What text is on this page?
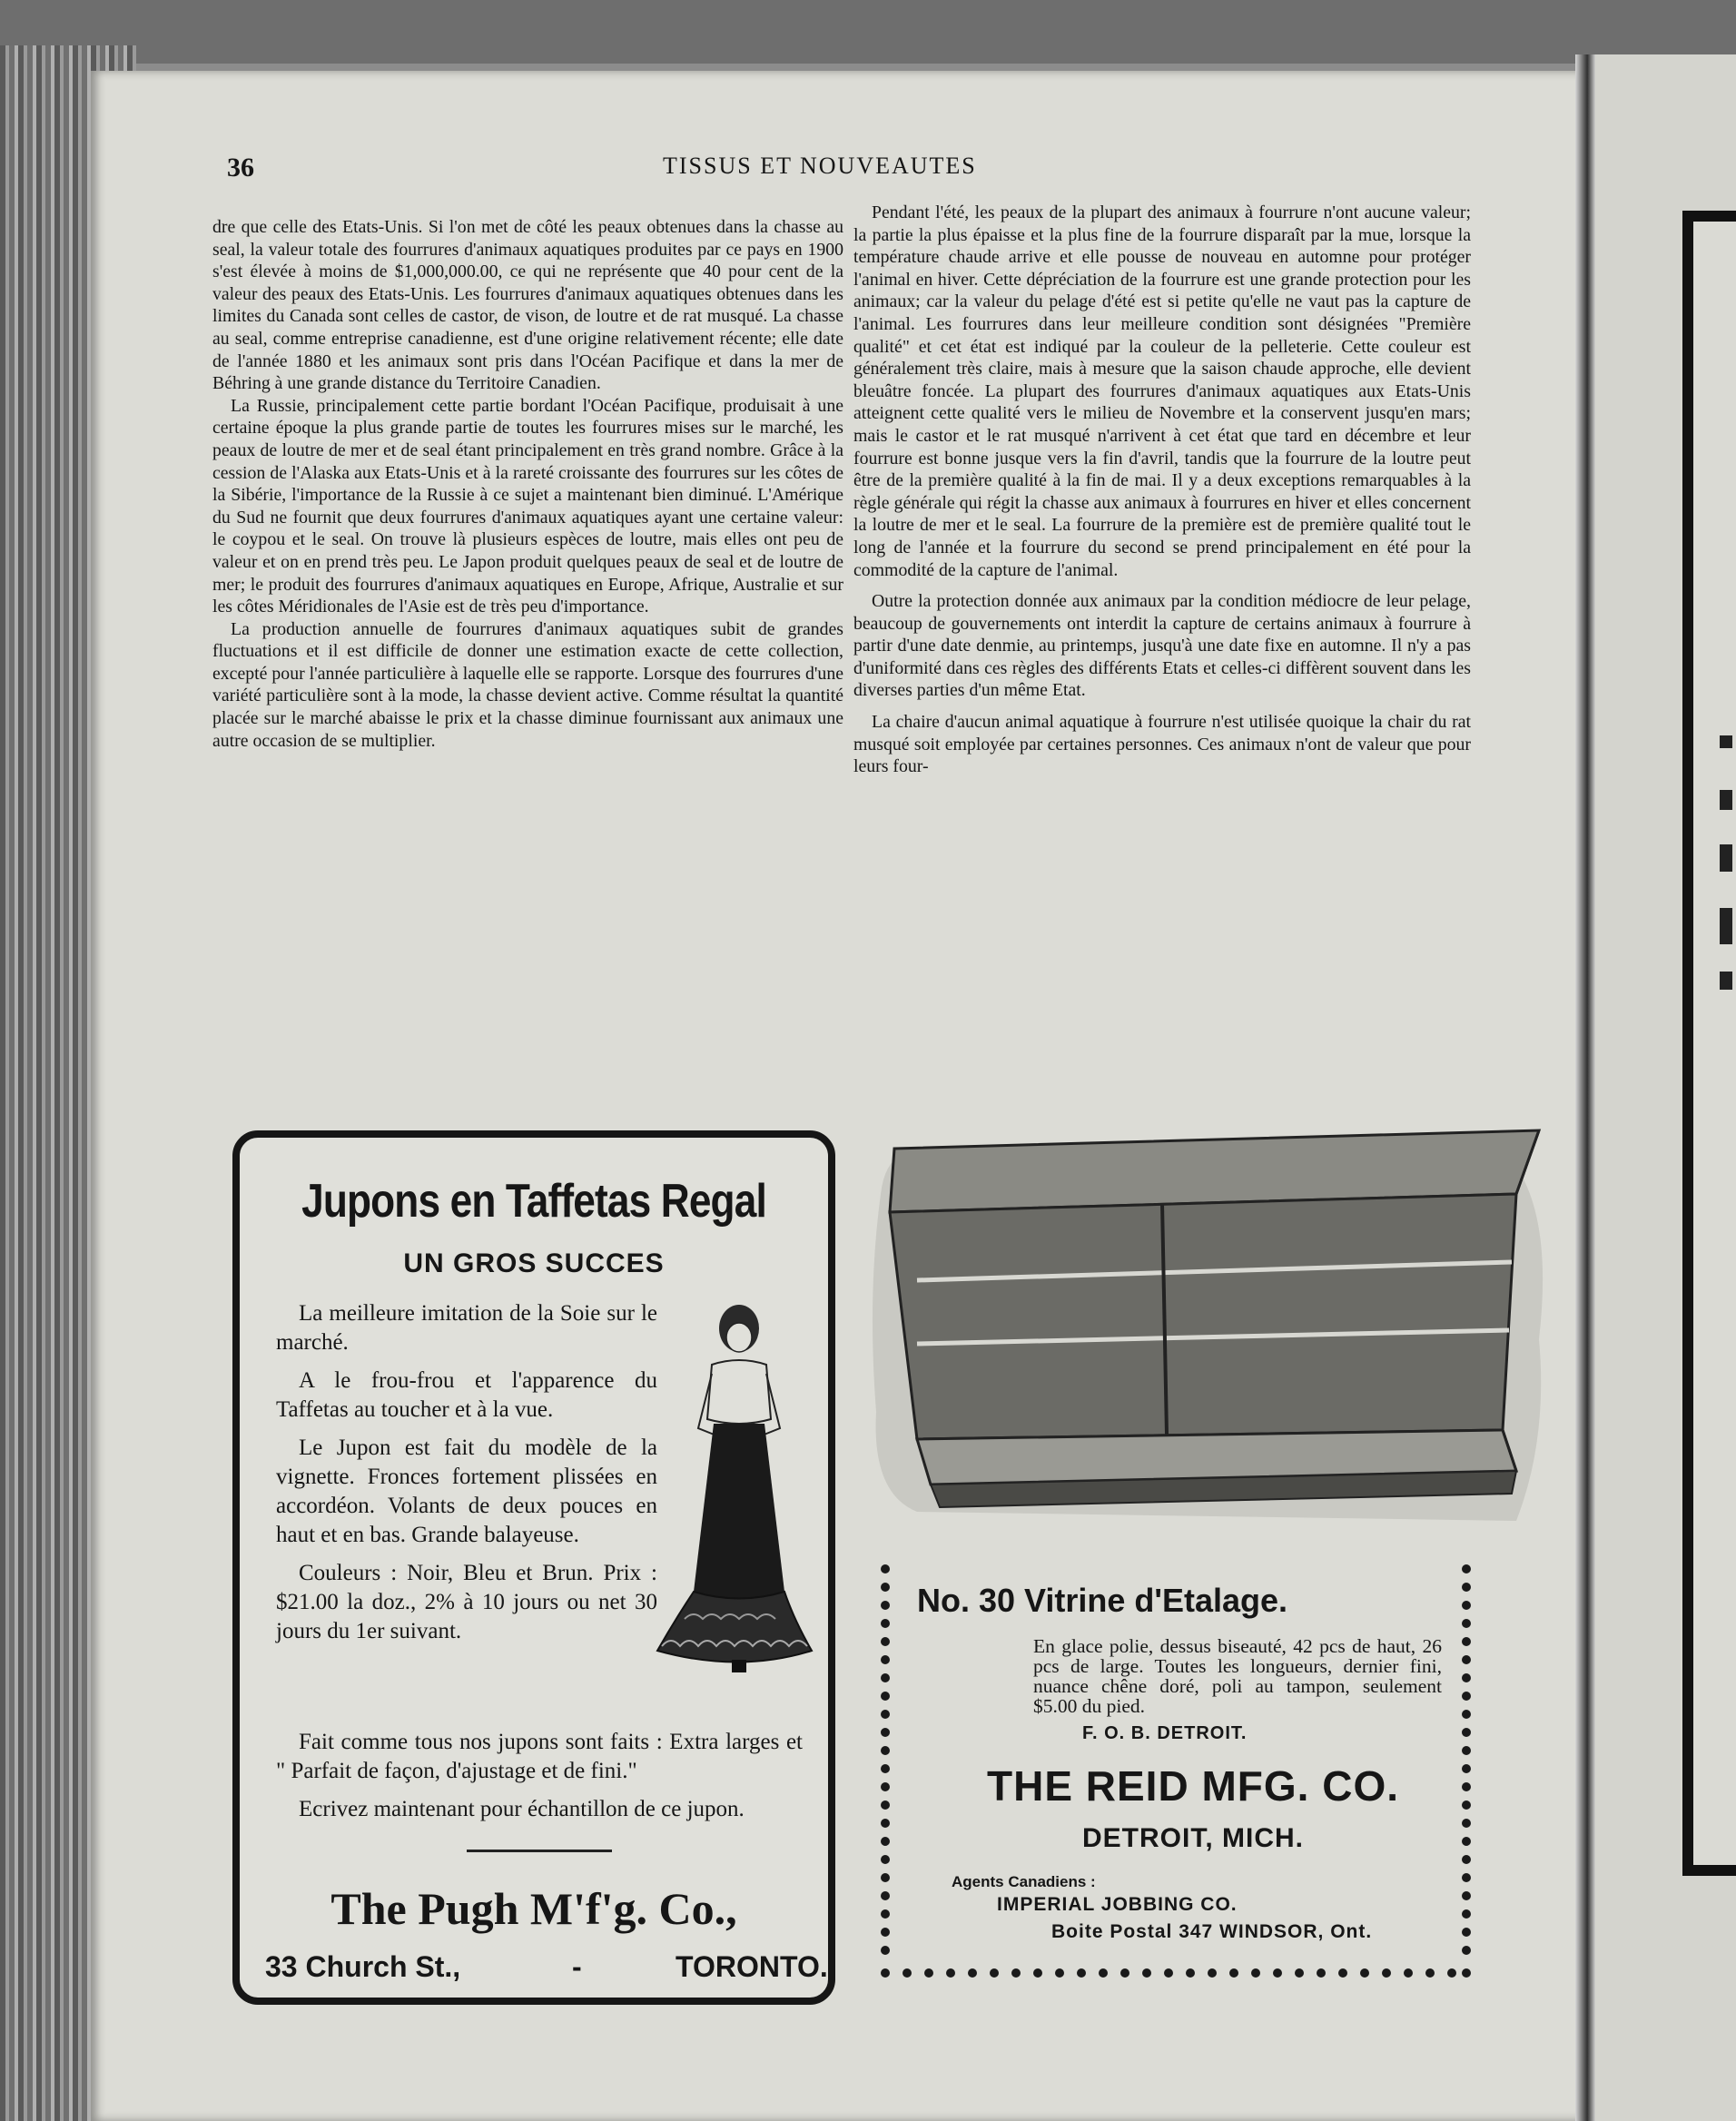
36	TISSUS ET NOUVEAUTES

dre que celle des Etats-Unis. Si l'on met de côté les peaux obtenues dans la chasse au seal, la valeur totale des fourrures d'animaux aquatiques produites par ce pays en 1900 s'est élevée à moins de $1,000,000.00, ce qui ne représente que 40 pour cent de la valeur des peaux des Etats-Unis. Les fourrures d'animaux aquatiques obtenues dans les limites du Canada sont celles de castor, de vison, de loutre et de rat musqué. La chasse au seal, comme entreprise canadienne, est d'une origine relativement récente; elle date de l'année 1880 et les animaux sont pris dans l'Océan Pacifique et dans la mer de Béhring à une grande distance du Territoire Canadien.

La Russie, principalement cette partie bordant l'Océan Pacifique, produisait à une certaine époque la plus grande partie de toutes les fourrures mises sur le marché, les peaux de loutre de mer et de seal étant principalement en très grand nombre. Grâce à la cession de l'Alaska aux Etats-Unis et à la rareté croissante des fourrures sur les côtes de la Sibérie, l'importance de la Russie à ce sujet a maintenant bien diminué. L'Amérique du Sud ne fournit que deux fourrures d'animaux aquatiques ayant une certaine valeur: le coypou et le seal. On trouve là plusieurs espèces de loutre, mais elles ont peu de valeur et on en prend très peu. Le Japon produit quelques peaux de seal et de loutre de mer; le produit des fourrures d'animaux aquatiques en Europe, Afrique, Australie et sur les côtes Méridionales de l'Asie est de très peu d'importance.

La production annuelle de fourrures d'animaux aquatiques subit de grandes fluctuations et il est difficile de donner une estimation exacte de cette collection, excepté pour l'année particulière à laquelle elle se rapporte. Lorsque des fourrures d'une variété particulière sont à la mode, la chasse devient active. Comme résultat la quantité placée sur le marché abaisse le prix et la chasse diminue fournissant aux animaux une autre occasion de se multiplier.

Pendant l'été, les peaux de la plupart des animaux à fourrure n'ont aucune valeur; la partie la plus épaisse et la plus fine de la fourrure disparaît par la mue, lorsque la température chaude arrive et elle pousse de nouveau en automne pour protéger l'animal en hiver. Cette dépréciation de la fourrure est une grande protection pour les animaux; car la valeur du pelage d'été est si petite qu'elle ne vaut pas la capture de l'animal. Les fourrures dans leur meilleure condition sont désignées "Première qualité" et cet état est indiqué par la couleur de la pelleterie. Cette couleur est généralement très claire, mais à mesure que la saison chaude approche, elle devient bleuâtre foncée. La plupart des fourrures d'animaux aquatiques aux Etats-Unis atteignent cette qualité vers le milieu de Novembre et la conservent jusqu'en mars; mais le castor et le rat musqué n'arrivent à cet état que tard en décembre et leur fourrure est bonne jusque vers la fin d'avril, tandis que la fourrure de la loutre peut être de la première qualité à la fin de mai. Il y a deux exceptions remarquables à la règle générale qui régit la chasse aux animaux à fourrures en hiver et elles concernent la loutre de mer et le seal. La fourrure de la première est de première qualité tout le long de l'année et la fourrure du second se prend principalement en été pour la commodité de la capture de l'animal.

Outre la protection donnée aux animaux par la condition médiocre de leur pelage, beaucoup de gouvernements ont interdit la capture de certains animaux à fourrure à partir d'une date denmie, au printemps, jusqu'à une date fixe en automne. Il n'y a pas d'uniformité dans ces règles des différents Etats et celles-ci diffèrent souvent dans les diverses parties d'un même Etat.

La chaire d'aucun animal aquatique à fourrure n'est utilisée quoique la chair du rat musqué soit employée par certaines personnes. Ces animaux n'ont de valeur que pour leurs four-

Jupons en Taffetas Regal
UN GROS SUCCES

La meilleure imitation de la Soie sur le marché.

A le frou-frou et l'apparence du Taffetas au toucher et à la vue.

Le Jupon est fait du modèle de la vignette. Fronces fortement plissées en accordéon. Volants de deux pouces en haut et en bas. Grande balayeuse.

Couleurs : Noir, Bleu et Brun. Prix : $21.00 la doz., 2% à 10 jours ou net 30 jours du 1er suivant.

Fait comme tous nos jupons sont faits : Extra larges et " Parfait de façon, d'ajustage et de fini."

Ecrivez maintenant pour échantillon de ce jupon.

The Pugh M'f'g. Co.,
33 Church St.,	-	TORONTO.
No. 30 Vitrine d'Etalage.
En glace polie, dessus biseauté, 42 pcs de haut, 26 pcs de large. Toutes les longueurs, dernier fini, nuance chêne doré, poli au tampon, seulement $5.00 du pied.
F. O. B. DETROIT.
THE REID MFG. CO.
DETROIT, MICH.
Agents Canadiens :
IMPERIAL JOBBING CO.
Boite Postal 347 WINDSOR, Ont.
